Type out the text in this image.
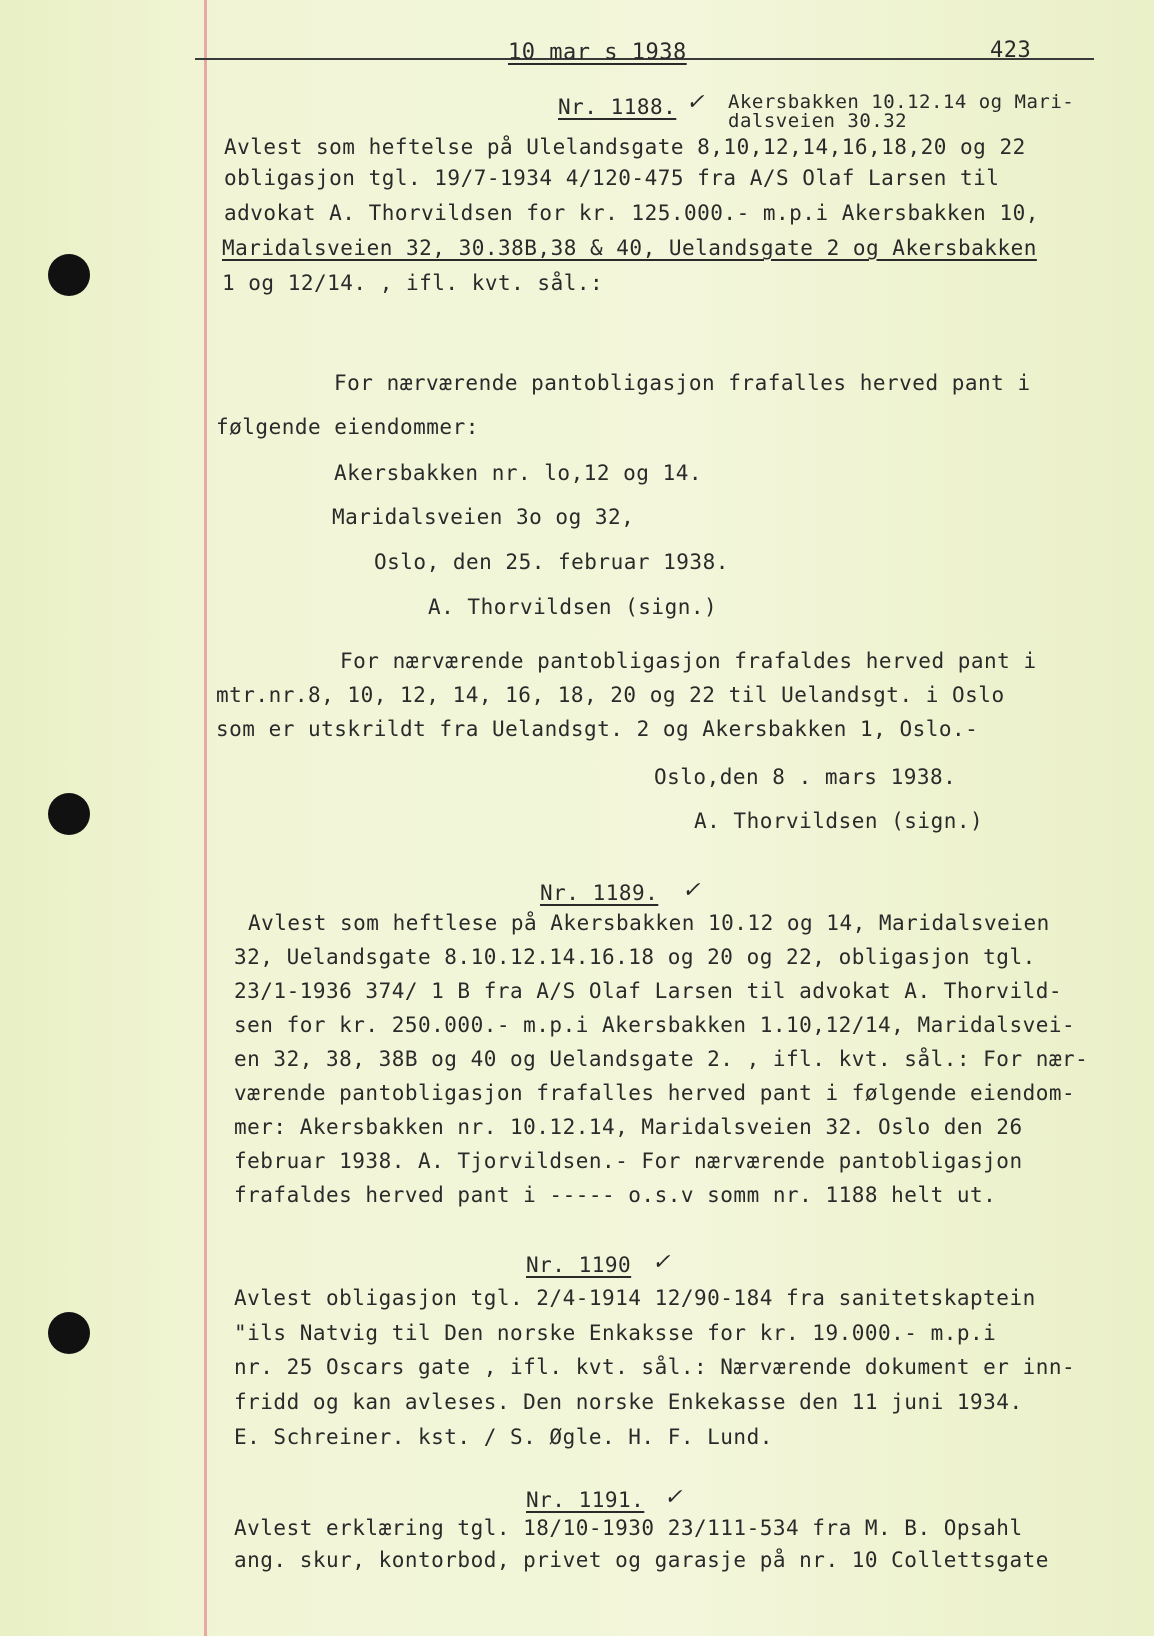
10 mar s 1938	423
Nr. 1188. ✓ Akersbakken 10.12.14 og Mari-
dalsveien 30.32
Avlest som heftelse på Ulelandsgate 8,10,12,14,16,18,20 og 22
obligasjon tgl. 19/7-1934 4/120-475 fra A/S Olaf Larsen til
advokat A. Thorvildsen for kr. 125.000.- m.p.i Akersbakken 10,
Maridalsveien 32, 30.38B,38 & 40, Uelandsgate 2 og Akersbakken
1 og 12/14. , ifl. kvt. sål.:
For nærværende pantobligasjon frafalles herved pant i
følgende eiendommer:
Akersbakken nr. lo,12 og 14.
Maridalsveien 3o og 32,
Oslo, den 25. februar 1938.
A. Thorvildsen (sign.)
For nærværende pantobligasjon frafaldes herved pant i
mtr.nr.8, 10, 12, 14, 16, 18, 20 og 22 til Uelandsgt. i Oslo
som er utskrildt fra Uelandsgt. 2 og Akersbakken 1, Oslo.-
Oslo,den 8 . mars 1938.
A. Thorvildsen (sign.)
Nr. 1189. ✓
Avlest som heftlese på Akersbakken 10.12 og 14, Maridalsveien
32, Uelandsgate 8.10.12.14.16.18 og 20 og 22, obligasjon tgl.
23/1-1936 374/ 1 B fra A/S Olaf Larsen til advokat A. Thorvild-
sen for kr. 250.000.- m.p.i Akersbakken 1.10,12/14, Maridalsvei-
en 32, 38, 38B og 40 og Uelandsgate 2. , ifl. kvt. sål.: For nær-
værende pantobligasjon frafalles herved pant i følgende eiendom-
mer: Akersbakken nr. 10.12.14, Maridalsveien 32. Oslo den 26
februar 1938. A. Tjorvildsen.- For nærværende pantobligasjon
frafaldes herved pant i ----- o.s.v somm nr. 1188 helt ut.
Nr. 1190 ✓
Avlest obligasjon tgl. 2/4-1914 12/90-184 fra sanitetskaptein
"ils Natvig til Den norske Enkaksse for kr. 19.000.- m.p.i
nr. 25 Oscars gate , ifl. kvt. sål.: Nærværende dokument er inn-
fridd og kan avleses. Den norske Enkekasse den 11 juni 1934.
E. Schreiner. kst. / S. Øgle. H. F. Lund.
Nr. 1191. ✓
Avlest erklæring tgl. 18/10-1930 23/111-534 fra M. B. Opsahl
ang. skur, kontorbod, privet og garasje på nr. 10 Collettsgate
